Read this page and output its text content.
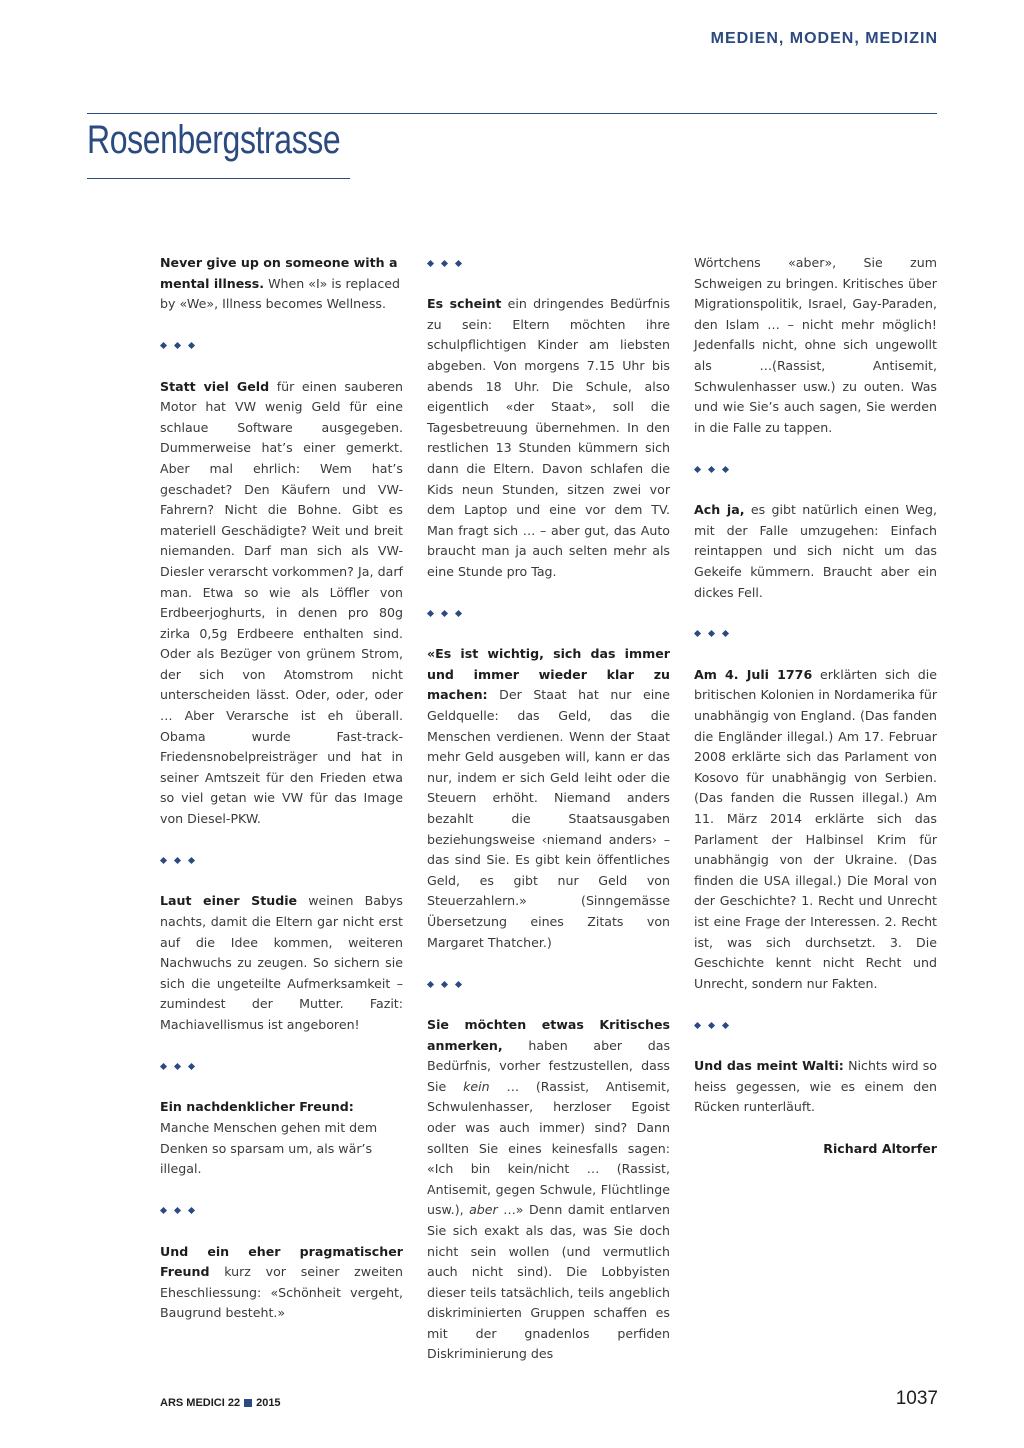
MEDIEN, MODEN, MEDIZIN
Rosenbergstrasse

Never give up on someone with a mental illness. When «I» is replaced by «We», Illness becomes Wellness.

Statt viel Geld für einen sauberen Motor hat VW wenig Geld für eine schlaue Software ausgegeben. Dummerweise hat’s einer gemerkt. Aber mal ehrlich: Wem hat’s geschadet? Den Käufern und VW-Fahrern? Nicht die Bohne. Gibt es materiell Geschädigte? Weit und breit niemanden. Darf man sich als VW-Diesler verarscht vorkommen? Ja, darf man. Etwa so wie als Löffler von Erdbeerjoghurts, in denen pro 80g zirka 0,5g Erdbeere enthalten sind. Oder als Bezüger von grünem Strom, der sich von Atomstrom nicht unterscheiden lässt. Oder, oder, oder … Aber Verarsche ist eh überall. Obama wurde Fast-track-Friedensnobelpreisträger und hat in seiner Amtszeit für den Frieden etwa so viel getan wie VW für das Image von Diesel-PKW.

Laut einer Studie weinen Babys nachts, damit die Eltern gar nicht erst auf die Idee kommen, weiteren Nachwuchs zu zeugen. So sichern sie sich die ungeteilte Aufmerksamkeit – zumindest der Mutter. Fazit: Machiavellismus ist angeboren!

Ein nachdenklicher Freund: Manche Menschen gehen mit dem Denken so sparsam um, als wär’s illegal.

Und ein eher pragmatischer Freund kurz vor seiner zweiten Eheschliessung: «Schönheit vergeht, Baugrund besteht.»

Es scheint ein dringendes Bedürfnis zu sein: Eltern möchten ihre schulpflichtigen Kinder am liebsten abgeben. Von morgens 7.15 Uhr bis abends 18 Uhr. Die Schule, also eigentlich «der Staat», soll die Tagesbetreuung übernehmen. In den restlichen 13 Stunden kümmern sich dann die Eltern. Davon schlafen die Kids neun Stunden, sitzen zwei vor dem Laptop und eine vor dem TV. Man fragt sich … – aber gut, das Auto braucht man ja auch selten mehr als eine Stunde pro Tag.

«Es ist wichtig, sich das immer und immer wieder klar zu machen: Der Staat hat nur eine Geldquelle: das Geld, das die Menschen verdienen. Wenn der Staat mehr Geld ausgeben will, kann er das nur, indem er sich Geld leiht oder die Steuern erhöht. Niemand anders bezahlt die Staatsausgaben beziehungsweise ‹niemand anders› – das sind Sie. Es gibt kein öffentliches Geld, es gibt nur Geld von Steuerzahlern.» (Sinngemässe Übersetzung eines Zitats von Margaret Thatcher.)

Sie möchten etwas Kritisches anmerken, haben aber das Bedürfnis, vorher festzustellen, dass Sie kein … (Rassist, Antisemit, Schwulenhasser, herzloser Egoist oder was auch immer) sind? Dann sollten Sie eines keinesfalls sagen: «Ich bin kein/nicht … (Rassist, Antisemit, gegen Schwule, Flüchtlinge usw.), aber …» Denn damit entlarven Sie sich exakt als das, was Sie doch nicht sein wollen (und vermutlich auch nicht sind). Die Lobbyisten dieser teils tatsächlich, teils angeblich diskriminierten Gruppen schaffen es mit der gnadenlos perfiden Diskriminierung des

Wörtchens «aber», Sie zum Schweigen zu bringen. Kritisches über Migrationspolitik, Israel, Gay-Paraden, den Islam … – nicht mehr möglich! Jedenfalls nicht, ohne sich ungewollt als …(Rassist, Antisemit, Schwulenhasser usw.) zu outen. Was und wie Sie’s auch sagen, Sie werden in die Falle zu tappen.

Ach ja, es gibt natürlich einen Weg, mit der Falle umzugehen: Einfach reintappen und sich nicht um das Gekeife kümmern. Braucht aber ein dickes Fell.

Am 4. Juli 1776 erklärten sich die britischen Kolonien in Nordamerika für unabhängig von England. (Das fanden die Engländer illegal.) Am 17. Februar 2008 erklärte sich das Parlament von Kosovo für unabhängig von Serbien. (Das fanden die Russen illegal.) Am 11. März 2014 erklärte sich das Parlament der Halbinsel Krim für unabhängig von der Ukraine. (Das finden die USA illegal.) Die Moral von der Geschichte? 1. Recht und Unrecht ist eine Frage der Interessen. 2. Recht ist, was sich durchsetzt. 3. Die Geschichte kennt nicht Recht und Unrecht, sondern nur Fakten.

Und das meint Walti: Nichts wird so heiss gegessen, wie es einem den Rücken runterläuft.

Richard Altorfer

ARS MEDICI 22 2015	1037
